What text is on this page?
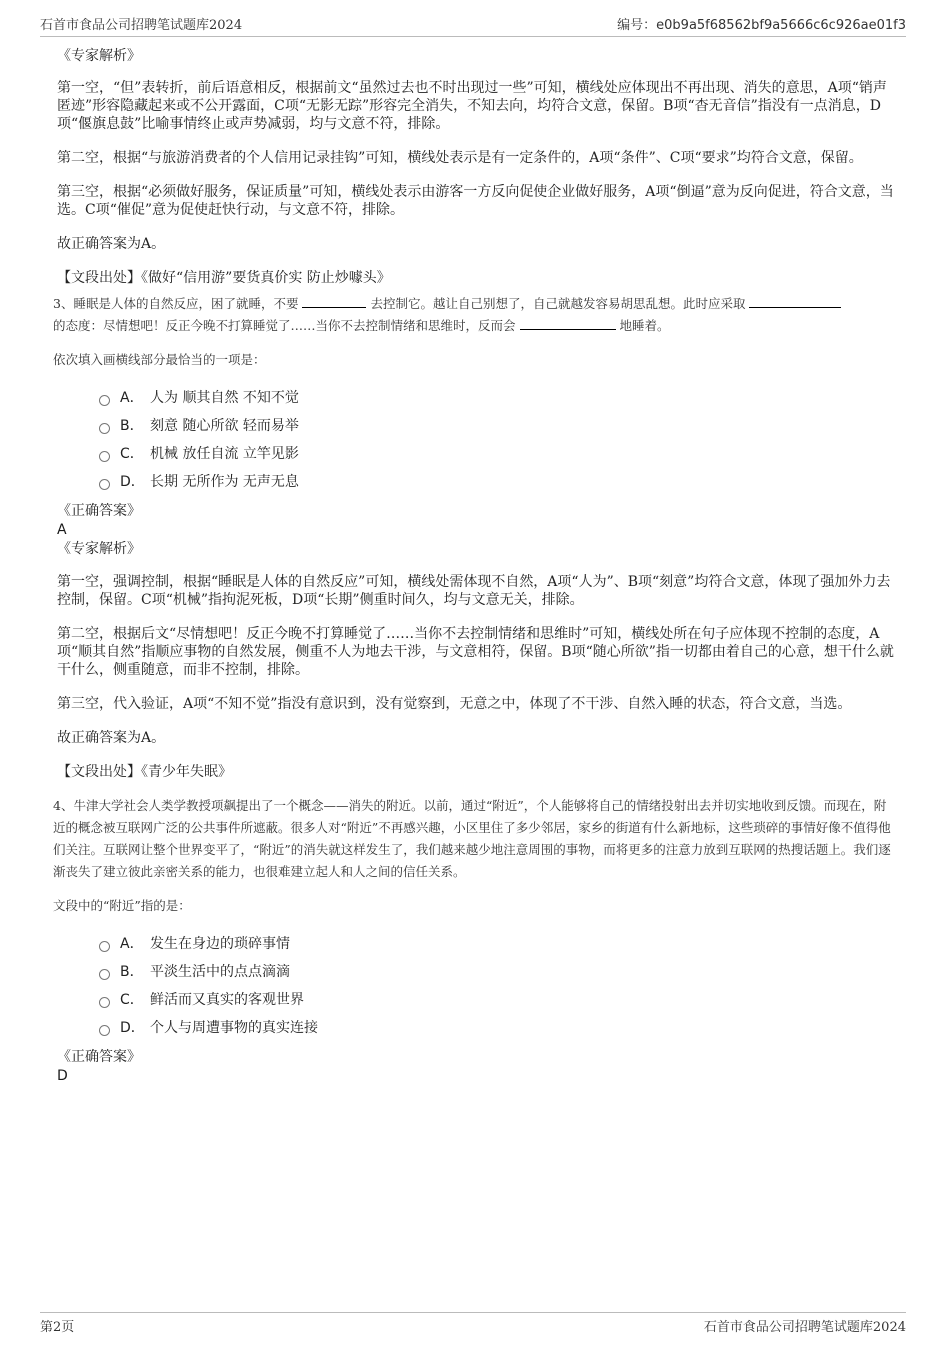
石首市食品公司招聘笔试题库2024	编号：e0b9a5f68562bf9a5666c6c926ae01f3

《专家解析》

第一空，“但”表转折，前后语意相反，根据前文“虽然过去也不时出现过一些”可知，横线处应体现出不再出现、消失的意思，A项“销声匿迹”形容隐藏起来或不公开露面，C项“无影无踪”形容完全消失，不知去向，均符合文意，保留。B项“杳无音信”指没有一点消息，D项“偃旗息鼓”比喻事情终止或声势减弱，均与文意不符，排除。

第二空，根据“与旅游消费者的个人信用记录挂钩”可知，横线处表示是有一定条件的，A项“条件”、C项“要求”均符合文意，保留。

第三空，根据“必须做好服务，保证质量”可知，横线处表示由游客一方反向促使企业做好服务，A项“倒逼”意为反向促进，符合文意，当选。C项“催促”意为促使赶快行动，与文意不符，排除。

故正确答案为A。

【文段出处】《做好“信用游”要货真价实 防止炒噱头》

3、睡眠是人体的自然反应，困了就睡，不要	去控制它。越让自己别想了，自己就越发容易胡思乱想。此时应采取
的态度：尽情想吧！反正今晚不打算睡觉了……当你不去控制情绪和思维时，反而会	地睡着。

依次填入画横线部分最恰当的一项是：

A． 人为 顺其自然 不知不觉
B． 刻意 随心所欲 轻而易举
C． 机械 放任自流 立竿见影
D． 长期 无所作为 无声无息

《正确答案》

A

《专家解析》

第一空，强调控制，根据“睡眠是人体的自然反应”可知，横线处需体现不自然，A项“人为”、B项“刻意”均符合文意，体现了强加外力去控制，保留。C项“机械”指拘泥死板，D项“长期”侧重时间久，均与文意无关，排除。

第二空，根据后文“尽情想吧！反正今晚不打算睡觉了……当你不去控制情绪和思维时”可知，横线处所在句子应体现不控制的态度，A项“顺其自然”指顺应事物的自然发展，侧重不人为地去干涉，与文意相符，保留。B项“随心所欲”指一切都由着自己的心意，想干什么就干什么，侧重随意，而非不控制，排除。

第三空，代入验证，A项“不知不觉”指没有意识到，没有觉察到，无意之中，体现了不干涉、自然入睡的状态，符合文意，当选。

故正确答案为A。

【文段出处】《青少年失眠》

4、牛津大学社会人类学教授项飙提出了一个概念——消失的附近。以前，通过“附近”，个人能够将自己的情绪投射出去并切实地收到反馈。而现在，附近的概念被互联网广泛的公共事件所遮蔽。很多人对“附近”不再感兴趣，小区里住了多少邻居，家乡的街道有什么新地标，这些琐碎的事情好像不值得他们关注。互联网让整个世界变平了，“附近”的消失就这样发生了，我们越来越少地注意周围的事物，而将更多的注意力放到互联网的热搜话题上。我们逐渐丧失了建立彼此亲密关系的能力，也很难建立起人和人之间的信任关系。

文段中的“附近”指的是：

A． 发生在身边的琐碎事情
B． 平淡生活中的点点滴滴
C． 鲜活而又真实的客观世界
D． 个人与周遭事物的真实连接

《正确答案》

D

第2页	石首市食品公司招聘笔试题库2024
